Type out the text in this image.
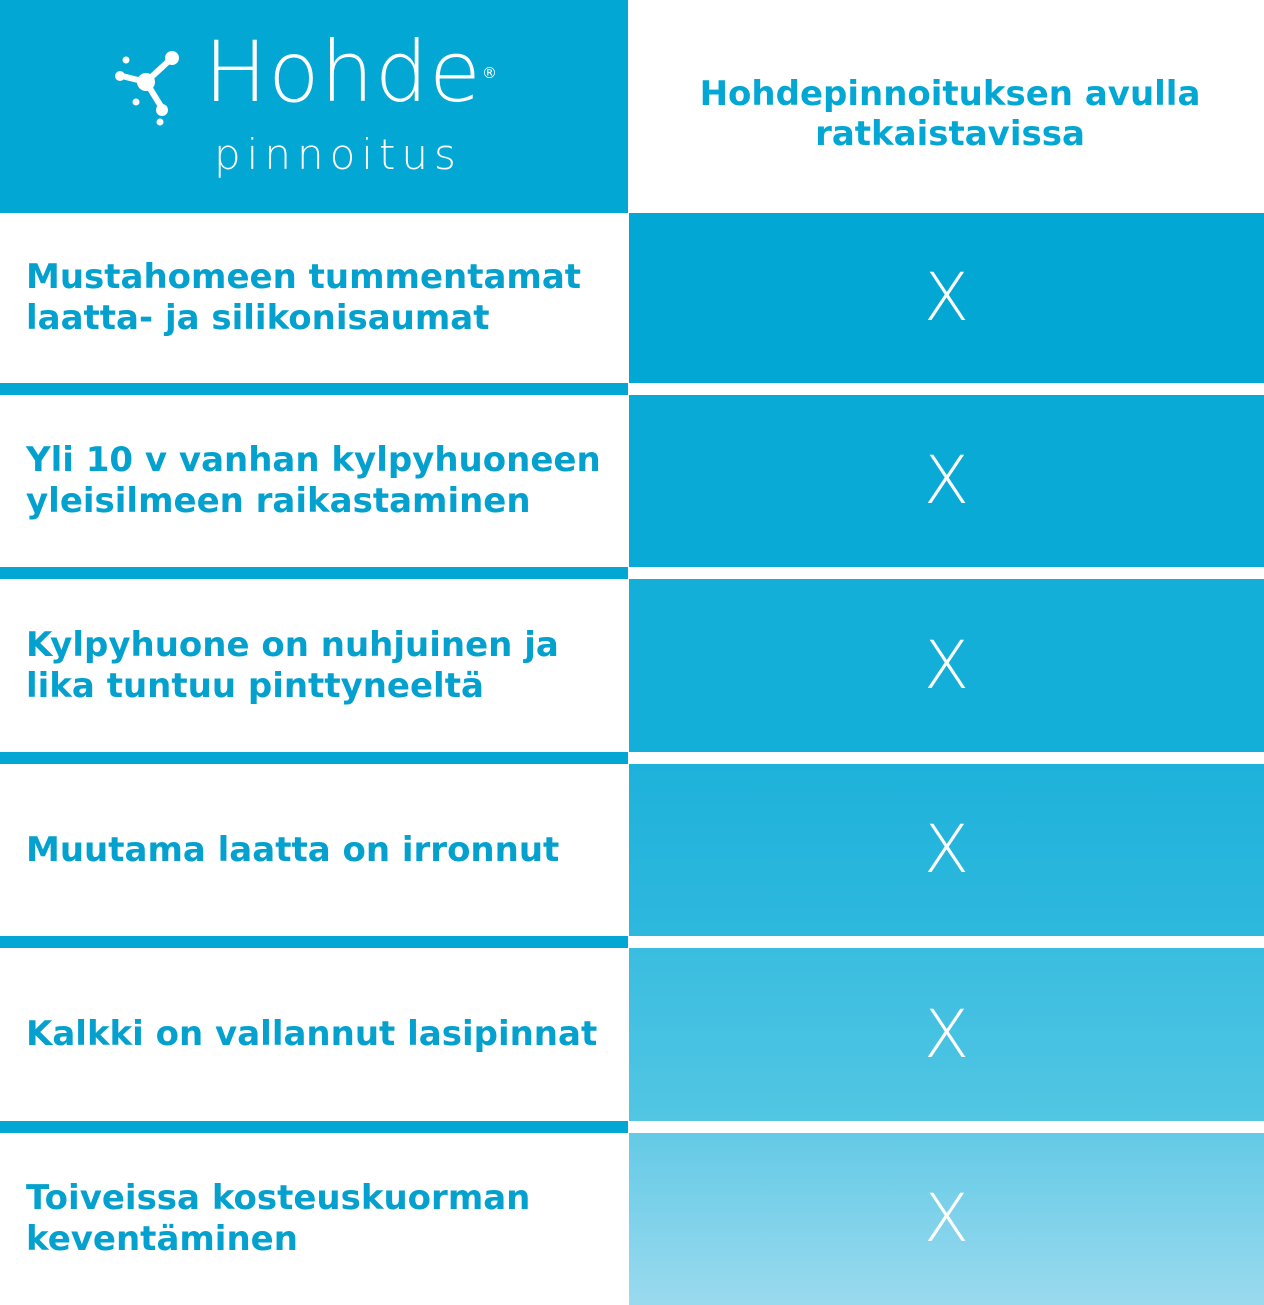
Hohde ®
pinnoitus
Hohdepinnoituksen avulla ratkaistavissa
Mustahomeen tummentamat laatta- ja silikonisaumat	X
Yli 10 v vanhan kylpyhuoneen yleisilmeen raikastaminen	X
Kylpyhuone on nuhjuinen ja lika tuntuu pinttyneeltä	X
Muutama laatta on irronnut	X
Kalkki on vallannut lasipinnat	X
Toiveissa kosteuskuorman keventäminen	X
